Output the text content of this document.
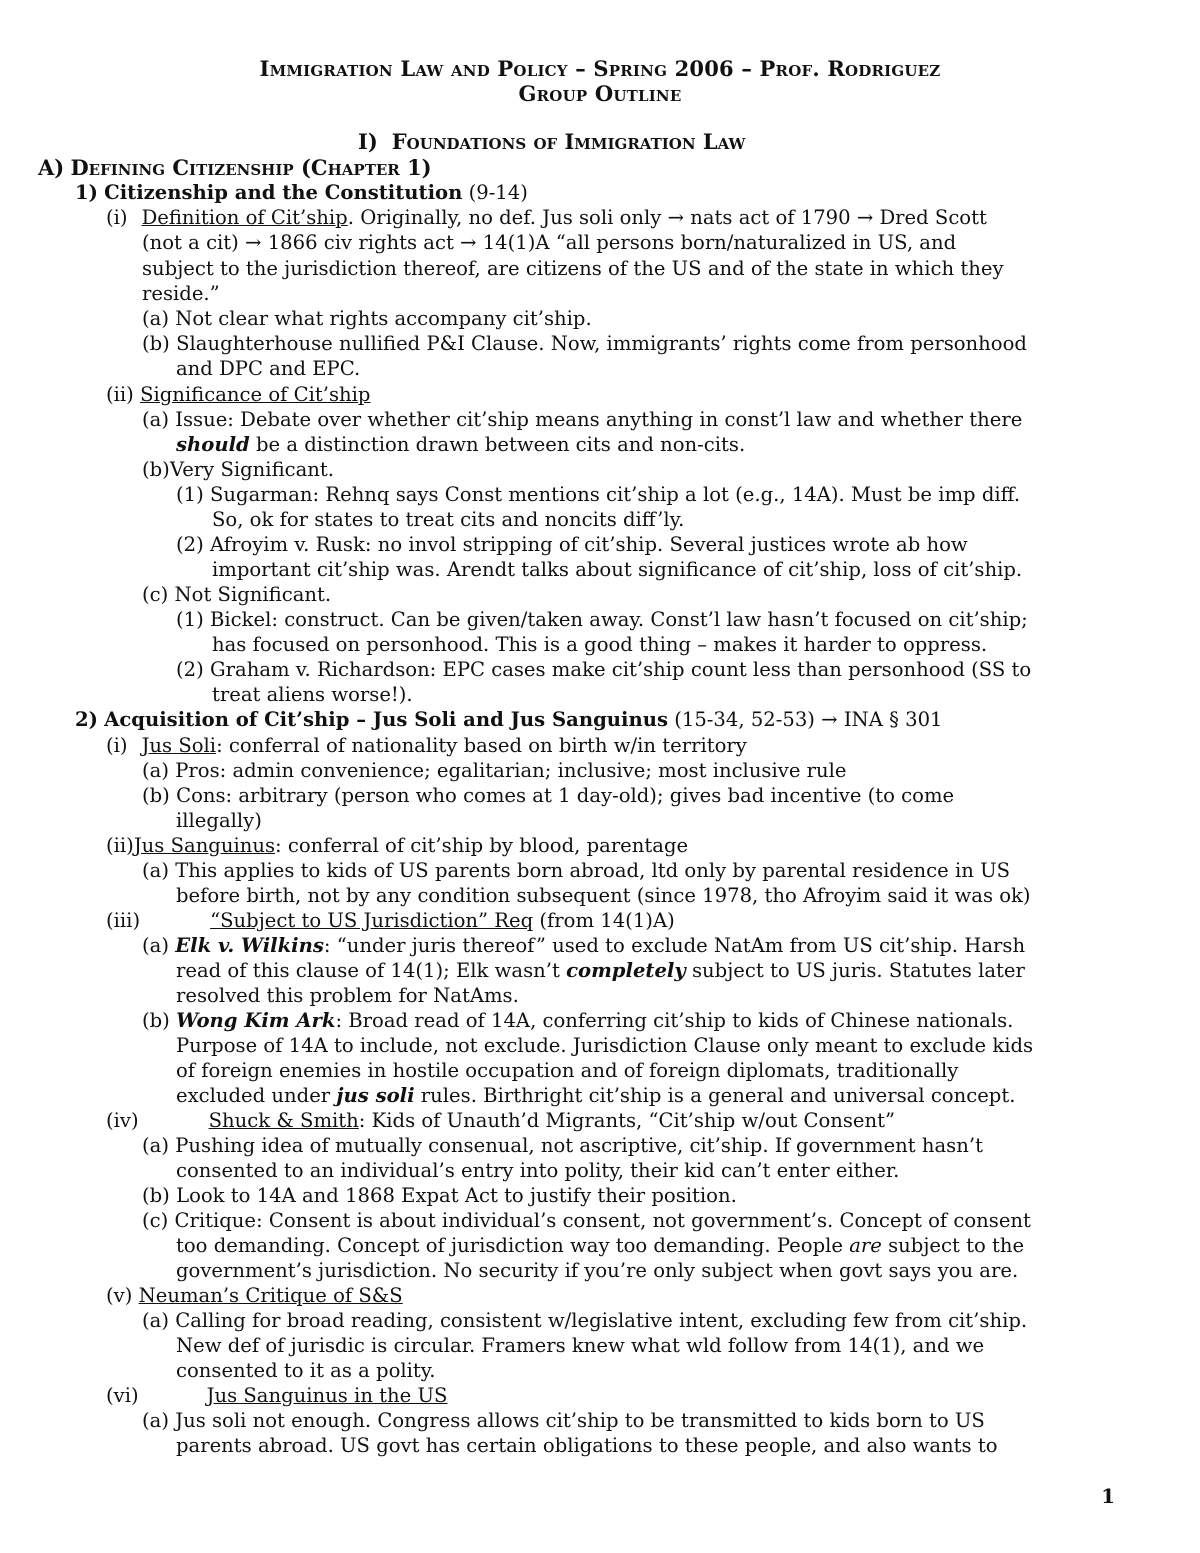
Immigration Law and Policy – Spring 2006 – Prof. Rodriguez
Group Outline
I) Foundations of Immigration Law
A) Defining Citizenship (Chapter 1)
1) Citizenship and the Constitution (9-14)
(i) Definition of Cit’ship. Originally, no def. Jus soli only → nats act of 1790 → Dred Scott
(not a cit) → 1866 civ rights act → 14(1)A “all persons born/naturalized in US, and
subject to the jurisdiction thereof, are citizens of the US and of the state in which they
reside.”
(a) Not clear what rights accompany cit’ship.
(b) Slaughterhouse nullified P&I Clause. Now, immigrants’ rights come from personhood
and DPC and EPC.
(ii) Significance of Cit’ship
(a) Issue: Debate over whether cit’ship means anything in const’l law and whether there
should be a distinction drawn between cits and non-cits.
(b)Very Significant.
(1) Sugarman: Rehnq says Const mentions cit’ship a lot (e.g., 14A). Must be imp diff.
So, ok for states to treat cits and noncits diff’ly.
(2) Afroyim v. Rusk: no invol stripping of cit’ship. Several justices wrote ab how
important cit’ship was. Arendt talks about significance of cit’ship, loss of cit’ship.
(c) Not Significant.
(1) Bickel: construct. Can be given/taken away. Const’l law hasn’t focused on cit’ship;
has focused on personhood. This is a good thing – makes it harder to oppress.
(2) Graham v. Richardson: EPC cases make cit’ship count less than personhood (SS to
treat aliens worse!).
2) Acquisition of Cit’ship – Jus Soli and Jus Sanguinus (15-34, 52-53) → INA § 301
(i) Jus Soli: conferral of nationality based on birth w/in territory
(a) Pros: admin convenience; egalitarian; inclusive; most inclusive rule
(b) Cons: arbitrary (person who comes at 1 day-old); gives bad incentive (to come
illegally)
(ii)Jus Sanguinus: conferral of cit’ship by blood, parentage
(a) This applies to kids of US parents born abroad, ltd only by parental residence in US
before birth, not by any condition subsequent (since 1978, tho Afroyim said it was ok)
(iii)	“Subject to US Jurisdiction” Req (from 14(1)A)
(a) Elk v. Wilkins: “under juris thereof” used to exclude NatAm from US cit’ship. Harsh
read of this clause of 14(1); Elk wasn’t completely subject to US juris. Statutes later
resolved this problem for NatAms.
(b) Wong Kim Ark: Broad read of 14A, conferring cit’ship to kids of Chinese nationals.
Purpose of 14A to include, not exclude. Jurisdiction Clause only meant to exclude kids
of foreign enemies in hostile occupation and of foreign diplomats, traditionally
excluded under jus soli rules. Birthright cit’ship is a general and universal concept.
(iv)	Shuck & Smith: Kids of Unauth’d Migrants, “Cit’ship w/out Consent”
(a) Pushing idea of mutually consenual, not ascriptive, cit’ship. If government hasn’t
consented to an individual’s entry into polity, their kid can’t enter either.
(b) Look to 14A and 1868 Expat Act to justify their position.
(c) Critique: Consent is about individual’s consent, not government’s. Concept of consent
too demanding. Concept of jurisdiction way too demanding. People are subject to the
government’s jurisdiction. No security if you’re only subject when govt says you are.
(v) Neuman’s Critique of S&S
(a) Calling for broad reading, consistent w/legislative intent, excluding few from cit’ship.
New def of jurisdic is circular. Framers knew what wld follow from 14(1), and we
consented to it as a polity.
(vi)	Jus Sanguinus in the US
(a) Jus soli not enough. Congress allows cit’ship to be transmitted to kids born to US
parents abroad. US govt has certain obligations to these people, and also wants to
1
